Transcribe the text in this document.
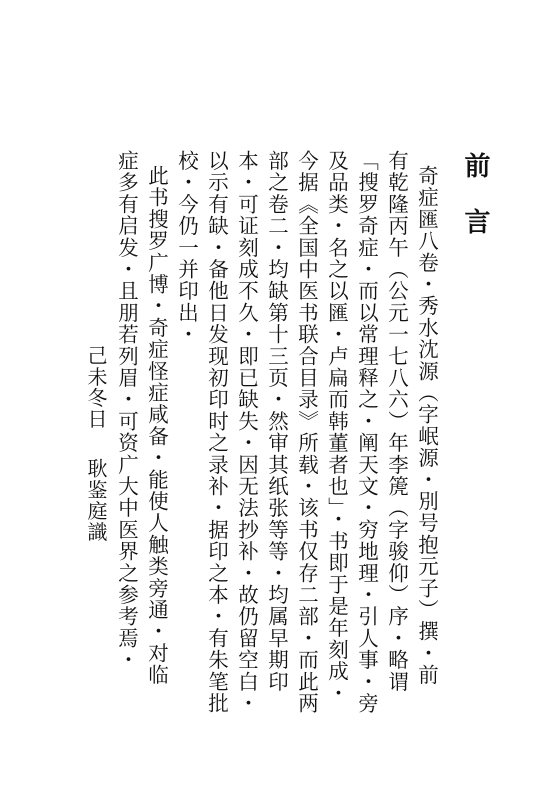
前言

奇症匯八卷・秀水沈源（字岷源・別号抱元子）撰・前

有乾隆丙午（公元一七八六）年李箎（字骏仰）序・略谓

「搜罗奇症・而以常理释之・阐天文・穷地理・引人事・旁

及品类・名之以匯・卢扁而韩董者也」・书即于是年刻成・

今据《全国中医书联合目录》所载・该书仅存二部・而此两

部之卷二・均缺第十三页・然审其纸张等等・均属早期印

本・可证刻成不久・即已缺失・因无法抄补・故仍留空白・

以示有缺・备他日发现初印时之录补・据印之本・有朱笔批

校・今仍一并印出・

此书搜罗广博・奇症怪症咸备・能使人触类旁通・对临

症多有启发・且朋若列眉・可资广大中医界之参考焉・

己未冬日

耿鉴庭識
